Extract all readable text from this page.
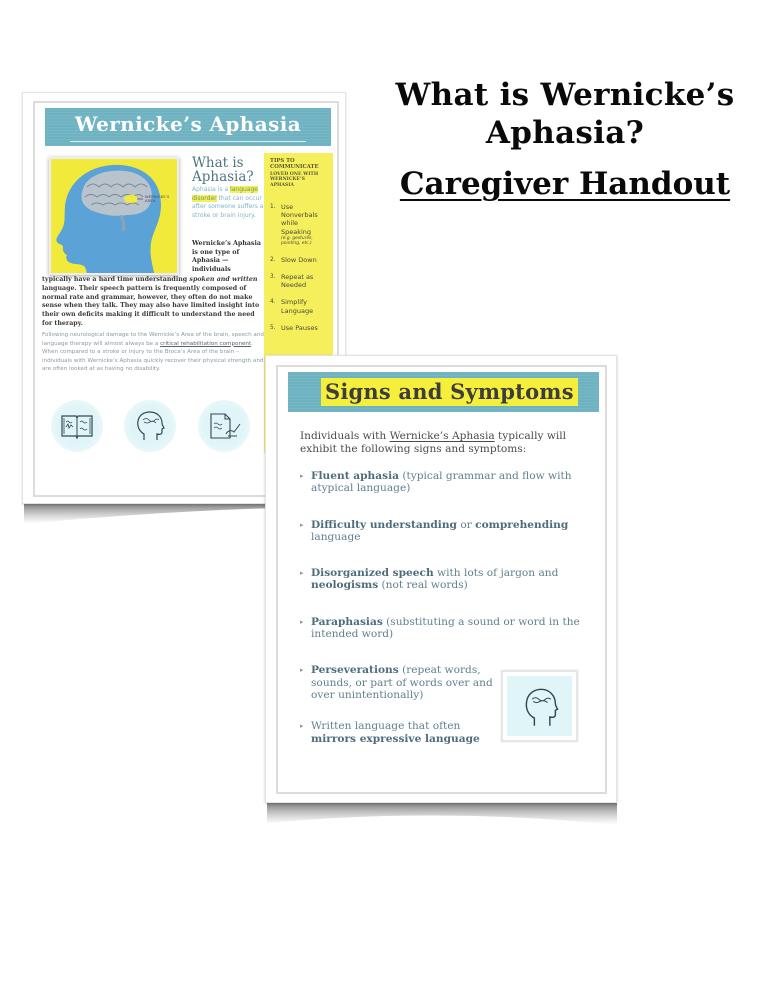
What is Wernicke’s
Aphasia?
Caregiver Handout
Wernicke’s Aphasia
WERNICKE'S AREA
What is Aphasia?
Aphasia is a language disorder that can occur after someone suffers a stroke or brain injury.
Wernicke’s Aphasia is one type of Aphasia — individuals
typically have a hard time understanding spoken and written language. Their speech pattern is frequently composed of normal rate and grammar, however, they often do not make sense when they talk. They may also have limited insight into their own deficits making it difficult to understand the need for therapy.
Following neurological damage to the Wernicke’s Area of the brain, speech and language therapy will almost always be a critical rehabilitation component. When compared to a stroke or injury to the Broca’s Area of the brain – individuals with Wernicke’s Aphasia quickly recover their physical strength and are often looked at as having no disability.
TIPS TO COMMUNICATE
LOVED ONE WITH WERNICKE’S APHASIA
1. Use Nonverbals while Speaking
(e.g. gestures, pointing, etc.)
2. Slow Down
3. Repeat as Needed
4. Simplify Language
5. Use Pauses
Signs and Symptoms
Individuals with Wernicke’s Aphasia typically will exhibit the following signs and symptoms:
▸ Fluent aphasia (typical grammar and flow with atypical language)
▸ Difficulty understanding or comprehending language
▸ Disorganized speech with lots of jargon and neologisms (not real words)
▸ Paraphasias (substituting a sound or word in the intended word)
▸ Perseverations (repeat words, sounds, or part of words over and over unintentionally)
▸ Written language that often mirrors expressive language
